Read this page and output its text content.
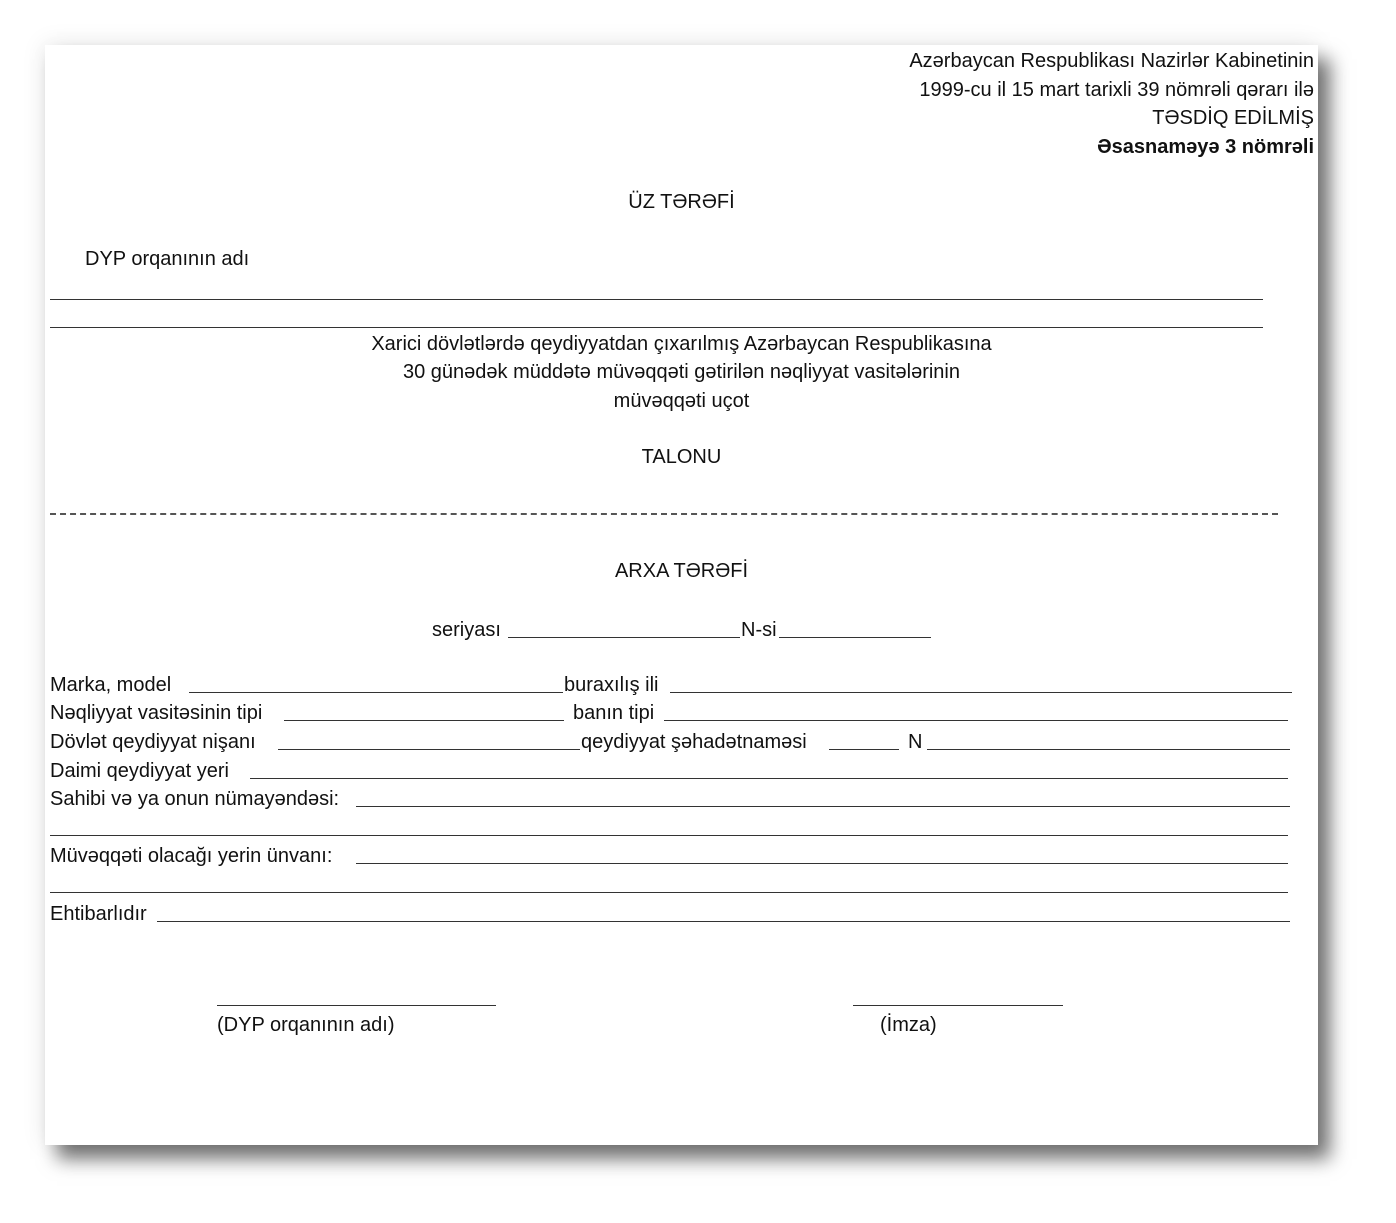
Azərbaycan Respublikası Nazirlər Kabinetinin
1999-cu il 15 mart tarixli 39 nömrəli qərarı ilə
TƏSDİQ EDİLMİŞ
Əsasnaməyə 3 nömrəli
ÜZ TƏRƏFİ
DYP orqanının adı
Xarici dövlətlərdə qeydiyyatdan çıxarılmış Azərbaycan Respublikasına
30 günədək müddətə müvəqqəti gətirilən nəqliyyat vasitələrinin
müvəqqəti uçot
TALONU
ARXA TƏRƏFİ
seriyası	N-si
Marka, model	buraxılış ili
Nəqliyyat vasitəsinin tipi	banın tipi
Dövlət qeydiyyat nişanı	qeydiyyat şəhadətnaməsi	N
Daimi qeydiyyat yeri
Sahibi və ya onun nümayəndəsi:
Müvəqqəti olacağı yerin ünvanı:
Ehtibarlıdır
(DYP orqanının adı)	(İmza)
